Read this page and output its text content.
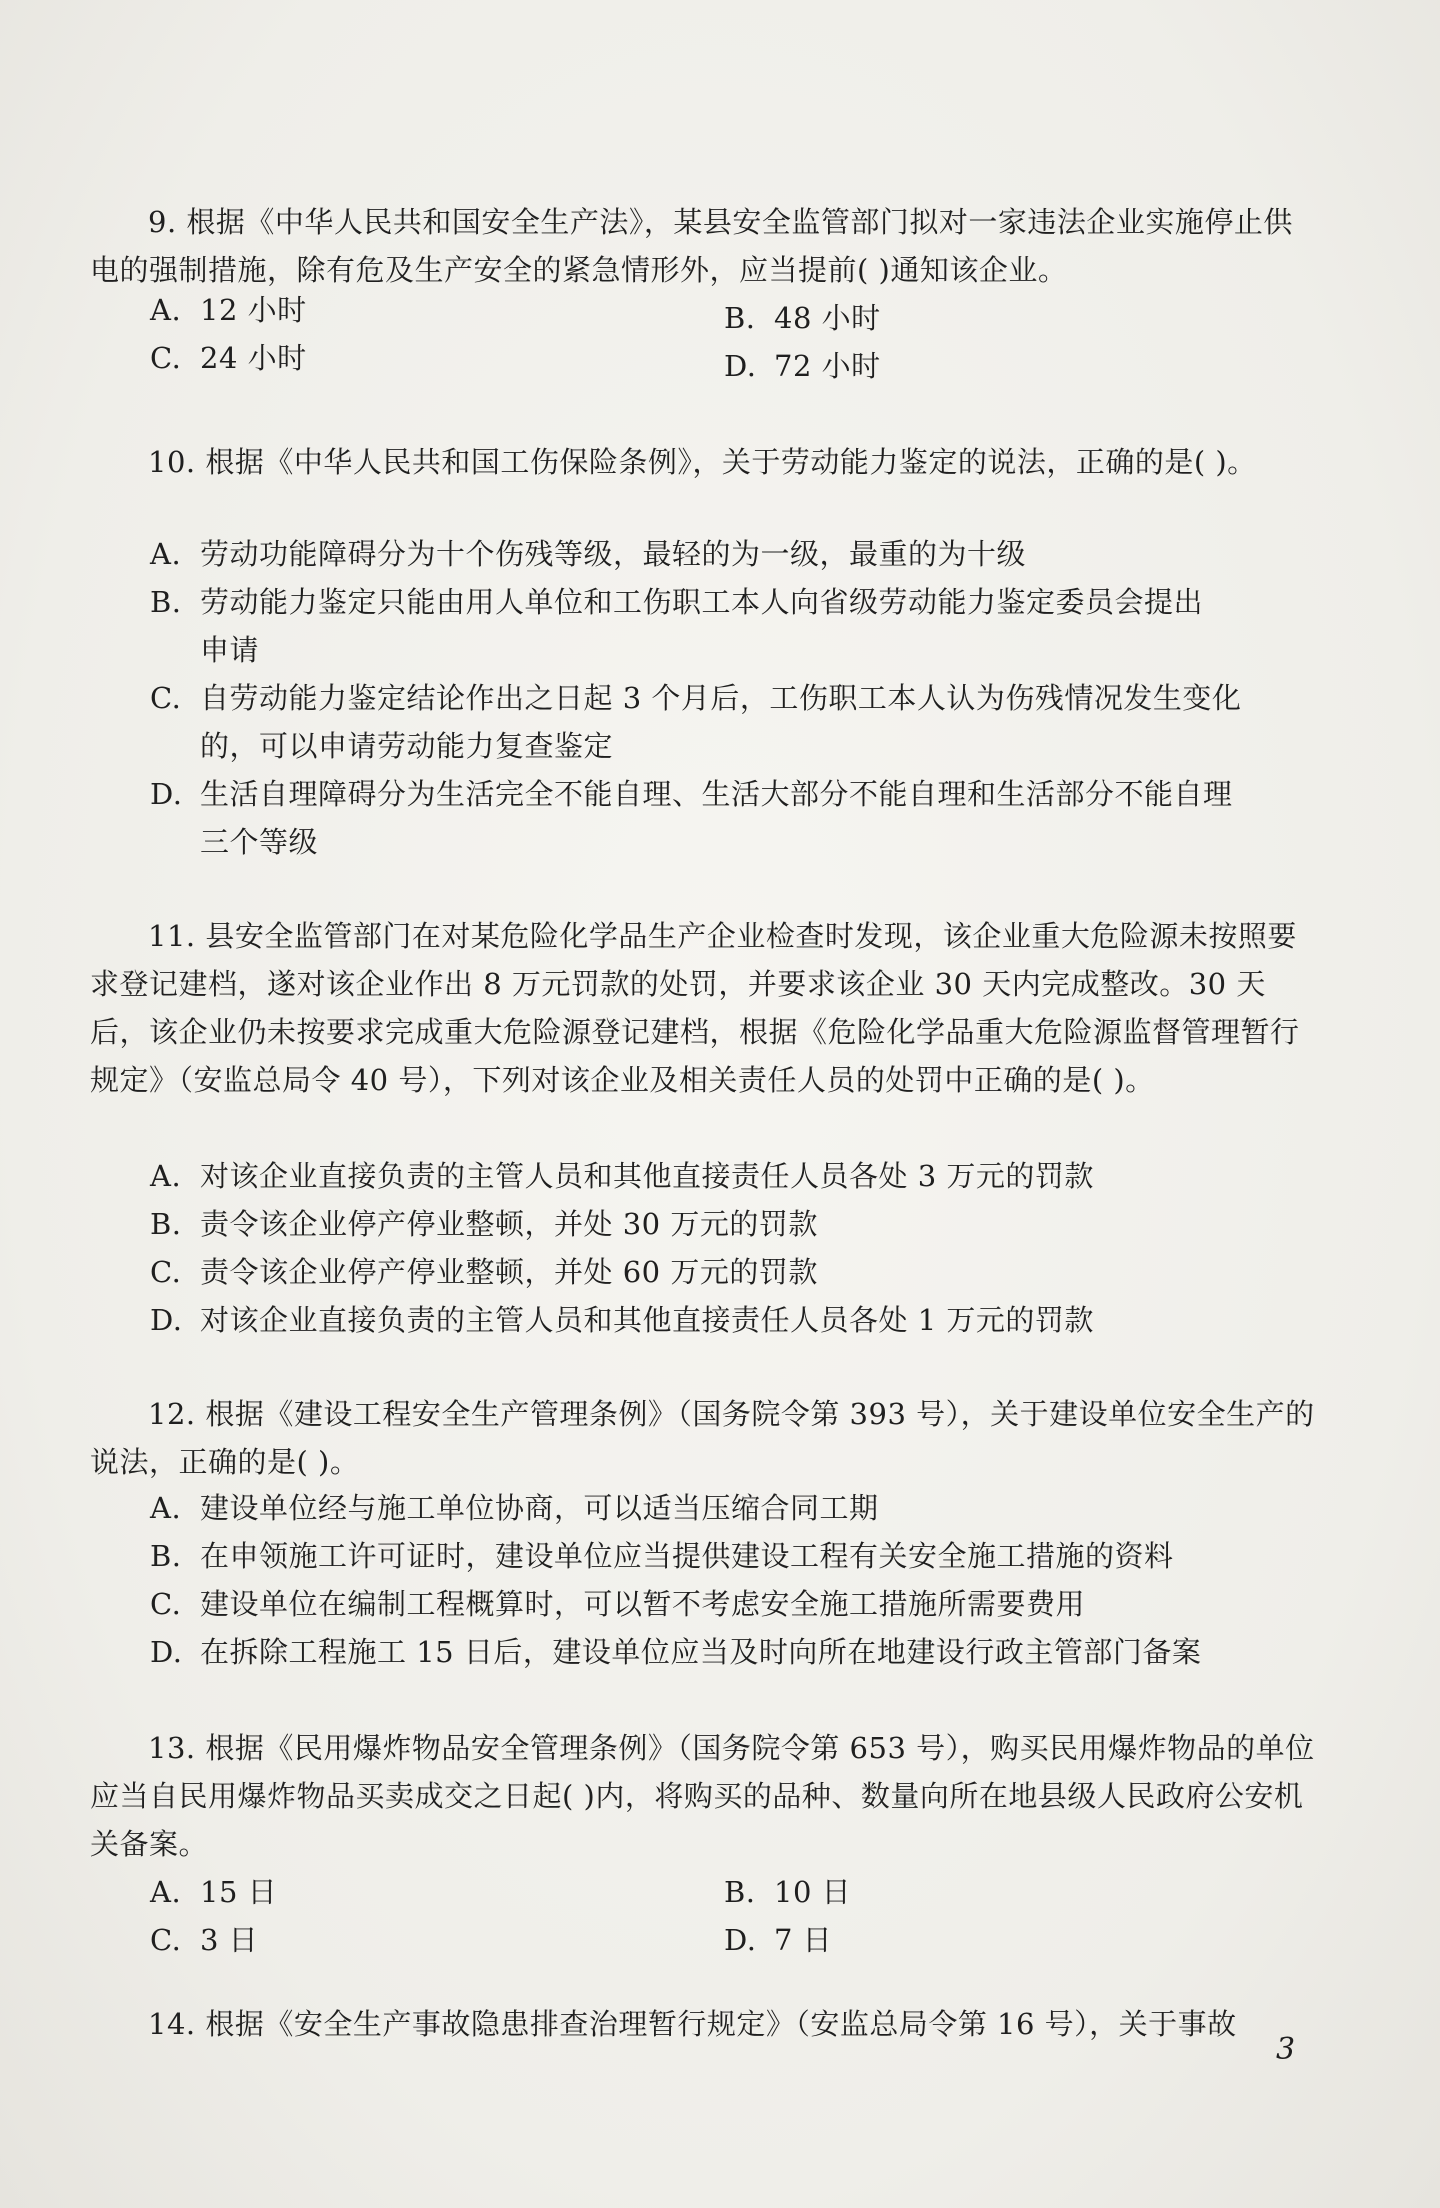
9. 根据《中华人民共和国安全生产法》，某县安全监管部门拟对一家违法企业实施停止供电的强制措施，除有危及生产安全的紧急情形外，应当提前( )通知该企业。
A. 12 小时	B. 48 小时
C. 24 小时	D. 72 小时
10. 根据《中华人民共和国工伤保险条例》，关于劳动能力鉴定的说法，正确的是( )。
A. 劳动功能障碍分为十个伤残等级，最轻的为一级，最重的为十级
B. 劳动能力鉴定只能由用人单位和工伤职工本人向省级劳动能力鉴定委员会提出
申请
C. 自劳动能力鉴定结论作出之日起 3 个月后，工伤职工本人认为伤残情况发生变化
的，可以申请劳动能力复查鉴定
D. 生活自理障碍分为生活完全不能自理、生活大部分不能自理和生活部分不能自理
三个等级
11. 县安全监管部门在对某危险化学品生产企业检查时发现，该企业重大危险源未按照要求登记建档，遂对该企业作出 8 万元罚款的处罚，并要求该企业 30 天内完成整改。30 天后，该企业仍未按要求完成重大危险源登记建档，根据《危险化学品重大危险源监督管理暂行规定》（安监总局令 40 号），下列对该企业及相关责任人员的处罚中正确的是( )。
A. 对该企业直接负责的主管人员和其他直接责任人员各处 3 万元的罚款
B. 责令该企业停产停业整顿，并处 30 万元的罚款
C. 责令该企业停产停业整顿，并处 60 万元的罚款
D. 对该企业直接负责的主管人员和其他直接责任人员各处 1 万元的罚款
12. 根据《建设工程安全生产管理条例》（国务院令第 393 号），关于建设单位安全生产的说法，正确的是( )。
A. 建设单位经与施工单位协商，可以适当压缩合同工期
B. 在申领施工许可证时，建设单位应当提供建设工程有关安全施工措施的资料
C. 建设单位在编制工程概算时，可以暂不考虑安全施工措施所需要费用
D. 在拆除工程施工 15 日后，建设单位应当及时向所在地建设行政主管部门备案
13. 根据《民用爆炸物品安全管理条例》（国务院令第 653 号），购买民用爆炸物品的单位应当自民用爆炸物品买卖成交之日起( )内，将购买的品种、数量向所在地县级人民政府公安机关备案。
A. 15 日	B. 10 日
C. 3 日	D. 7 日
14. 根据《安全生产事故隐患排查治理暂行规定》（安监总局令第 16 号），关于事故
3
